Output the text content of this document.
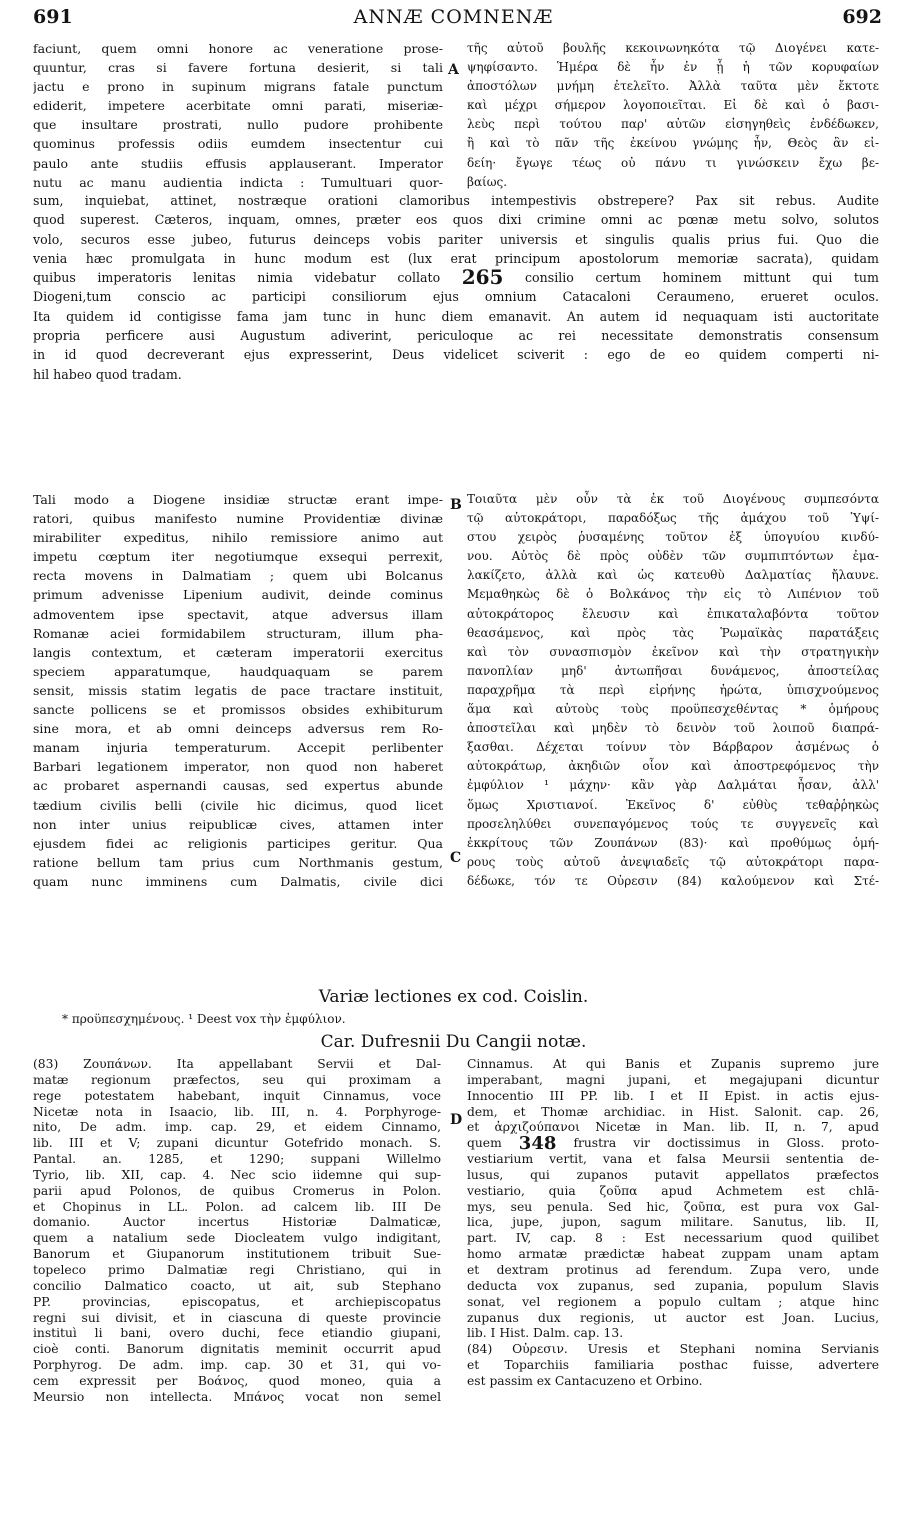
691	ANNÆ COMNENÆ	692
faciunt, quem omni honore ac veneratione prose-
quuntur, cras si favere fortuna desierit, si tali
jactu e prono in supinum migrans fatale punctum
ediderit, impetere acerbitate omni parati, miseriæ-
que insultare prostrati, nullo pudore prohibente
quominus professis odiis eumdem insectentur cui
paulo ante studiis effusis applauserant. Imperator
nutu ac manu audientia indicta : Tumultuari quor-
A
τῆς αὐτοῦ βουλῆς κεκοινωνηκότα τῷ Διογένει κατε-
ψηφίσαντο. Ἡμέρα δὲ ἦν ἐν ᾗ ἡ τῶν κορυφαίων
ἀποστόλων μνήμη ἐτελεῖτο. Ἀλλὰ ταῦτα μὲν ἔκτοτε
καὶ μέχρι σήμερον λογοποιεῖται. Εἰ δὲ καὶ ὁ βασι-
λεὺς περὶ τούτου παρ' αὐτῶν εἰσηγηθεὶς ἐνδέδωκεν,
ἢ καὶ τὸ πᾶν τῆς ἐκείνου γνώμης ἦν, Θεὸς ἂν εἰ-
δείη· ἔγωγε τέως οὐ πάνυ τι γινώσκειν ἔχω βε-
βαίως.
sum, inquiebat, attinet, nostræque orationi clamoribus intempestivis obstrepere? Pax sit rebus. Audite
quod superest. Cæteros, inquam, omnes, præter eos quos dixi crimine omni ac pœnæ metu solvo, solutos
volo, securos esse jubeo, futurus deinceps vobis pariter universis et singulis qualis prius fui. Quo die
venia hæc promulgata in hunc modum est (lux erat principum apostolorum memoriæ sacrata), quidam
quibus imperatoris lenitas nimia videbatur collato 265 consilio certum hominem mittunt qui tum
Diogeni,tum conscio ac participi consiliorum ejus omnium Catacaloni Ceraumeno, erueret oculos.
Ita quidem id contigisse fama jam tunc in hunc diem emanavit. An autem id nequaquam isti auctoritate
propria perficere ausi Augustum adiverint, periculoque ac rei necessitate demonstratis consensum
in id quod decreverant ejus expresserint, Deus videlicet sciverit : ego de eo quidem comperti ni-
hil habeo quod tradam.
Tali modo a Diogene insidiæ structæ erant impe-
ratori, quibus manifesto numine Providentiæ divinæ
mirabiliter expeditus, nihilo remissiore animo aut
impetu cœptum iter negotiumque exsequi perrexit,
recta movens in Dalmatiam ; quem ubi Bolcanus
primum advenisse Lipenium audivit, deinde cominus
admoventem ipse spectavit, atque adversus illam
Romanæ aciei formidabilem structuram, illum pha-
langis contextum, et cæteram imperatorii exercitus
speciem apparatumque, haudquaquam se parem
sensit, missis statim legatis de pace tractare instituit,
sancte pollicens se et promissos obsides exhibiturum
sine mora, et ab omni deinceps adversus rem Ro-
manam injuria temperaturum. Accepit perlibenter
Barbari legationem imperator, non quod non haberet
ac probaret aspernandi causas, sed expertus abunde
tædium civilis belli (civile hic dicimus, quod licet
non inter unius reipublicæ cives, attamen inter
ejusdem fidei ac religionis participes geritur. Qua
ratione bellum tam prius cum Northmanis gestum,
quam nunc imminens cum Dalmatis, civile dici
B
C
Τοιαῦτα μὲν οὖν τὰ ἐκ τοῦ Διογένους συμπεσόντα
τῷ αὐτοκράτορι, παραδόξως τῆς ἀμάχου τοῦ Ὑψί-
στου χειρὸς ῥυσαμένης τοῦτον ἐξ ὑπογυίου κινδύ-
νου. Αὐτὸς δὲ πρὸς οὐδὲν τῶν συμπιπτόντων ἐμα-
λακίζετο, ἀλλὰ καὶ ὡς κατευθὺ Δαλματίας ἤλαυνε.
Μεμαθηκὼς δὲ ὁ Βολκάνος τὴν εἰς τὸ Λιπένιον τοῦ
αὐτοκράτορος ἔλευσιν καὶ ἐπικαταλαβόντα τοῦτον
θεασάμενος, καὶ πρὸς τὰς Ῥωμαϊκὰς παρατάξεις
καὶ τὸν συνασπισμὸν ἐκεῖνον καὶ τὴν στρατηγικὴν
πανοπλίαν μηδ' ἀντωπῆσαι δυνάμενος, ἀποστείλας
παραχρῆμα τὰ περὶ εἰρήνης ἠρώτα, ὑπισχνούμενος
ἅμα καὶ αὐτοὺς τοὺς προϋπεσχεθέντας * ὁμήρους
ἀποστεῖλαι καὶ μηδὲν τὸ δεινὸν τοῦ λοιποῦ διαπρά-
ξασθαι. Δέχεται τοίνυν τὸν Βάρβαρον ἀσμένως ὁ
αὐτοκράτωρ, ἀκηδιῶν οἷον καὶ ἀποστρεφόμενος τὴν
ἐμφύλιον ¹ μάχην· κἂν γὰρ Δαλμάται ἦσαν, ἀλλ'
ὅμως Χριστιανοί. Ἐκεῖνος δ' εὐθὺς τεθαῤῥηκὼς
προσεληλύθει συνεπαγόμενος τούς τε συγγενεῖς καὶ
ἐκκρίτους τῶν Ζουπάνων (83)· καὶ προθύμως ὁμή-
ρους τοὺς αὐτοῦ ἀνεψιαδεῖς τῷ αὐτοκράτορι παρα-
δέδωκε, τόν τε Οὐρεσιν (84) καλούμενον καὶ Στέ-
Variæ lectiones ex cod. Coislin.
* προϋπεσχημένους. ¹ Deest vox τὴν ἐμφύλιον.
Car. Dufresnii Du Cangii notæ.
(83) Ζουπάνων. Ita appellabant Servii et Dal-
matæ regionum præfectos, seu qui proximam a
rege potestatem habebant, inquit Cinnamus, voce
Nicetæ nota in Isaacio, lib. III, n. 4. Porphyroge-
nito, De adm. imp. cap. 29, et eidem Cinnamo,
lib. III et V; zupani dicuntur Gotefrido monach. S.
Pantal. an. 1285, et 1290; suppani Willelmo
Tyrio, lib. XII, cap. 4. Nec scio iidemne qui sup-
parii apud Polonos, de quibus Cromerus in Polon.
et Chopinus in LL. Polon. ad calcem lib. III De
domanio. Auctor incertus Historiæ Dalmaticæ,
quem a natalium sede Diocleatem vulgo indigitant,
Banorum et Giupanorum institutionem tribuit Sue-
topeleco primo Dalmatiæ regi Christiano, qui in
concilio Dalmatico coacto, ut ait, sub Stephano
PP. provincias, episcopatus, et archiepiscopatus
regni sui divisit, et in ciascuna di queste provincie
instituì li bani, overo duchi, fece etiandio giupani,
cioè conti. Banorum dignitatis meminit occurrit apud
Porphyrog. De adm. imp. cap. 30 et 31, qui vo-
cem expressit per Βοάνος, quod moneo, quia a
Meursio non intellecta. Μπάνος vocat non semel
D
Cinnamus. At qui Banis et Zupanis supremo jure
imperabant, magni jupani, et megajupani dicuntur
Innocentio III PP. lib. I et II Epist. in actis ejus-
dem, et Thomæ archidiac. in Hist. Salonit. cap. 26,
et ἀρχιζούπανοι Nicetæ in Man. lib. II, n. 7, apud
quem 348 frustra vir doctissimus in Gloss. proto-
vestiarium vertit, vana et falsa Meursii sententia de-
lusus, qui zupanos putavit appellatos præfectos
vestiario, quia ζοῦπα apud Achmetem est chlā-
mys, seu penula. Sed hic, ζοῦπα, est pura vox Gal-
lica, jupe, jupon, sagum militare. Sanutus, lib. II,
part. IV, cap. 8 : Est necessarium quod quilibet
homo armatæ prædictæ habeat zuppam unam aptam
et dextram protinus ad ferendum. Zupa vero, unde
deducta vox zupanus, sed zupania, populum Slavis
sonat, vel regionem a populo cultam ; atque hinc
zupanus dux regionis, ut auctor est Joan. Lucius,
lib. I Hist. Dalm. cap. 13.
(84) Οὐρεσιν. Uresis et Stephani nomina Servianis
et Toparchiis familiaria posthac fuisse, advertere
est passim ex Cantacuzeno et Orbino.
